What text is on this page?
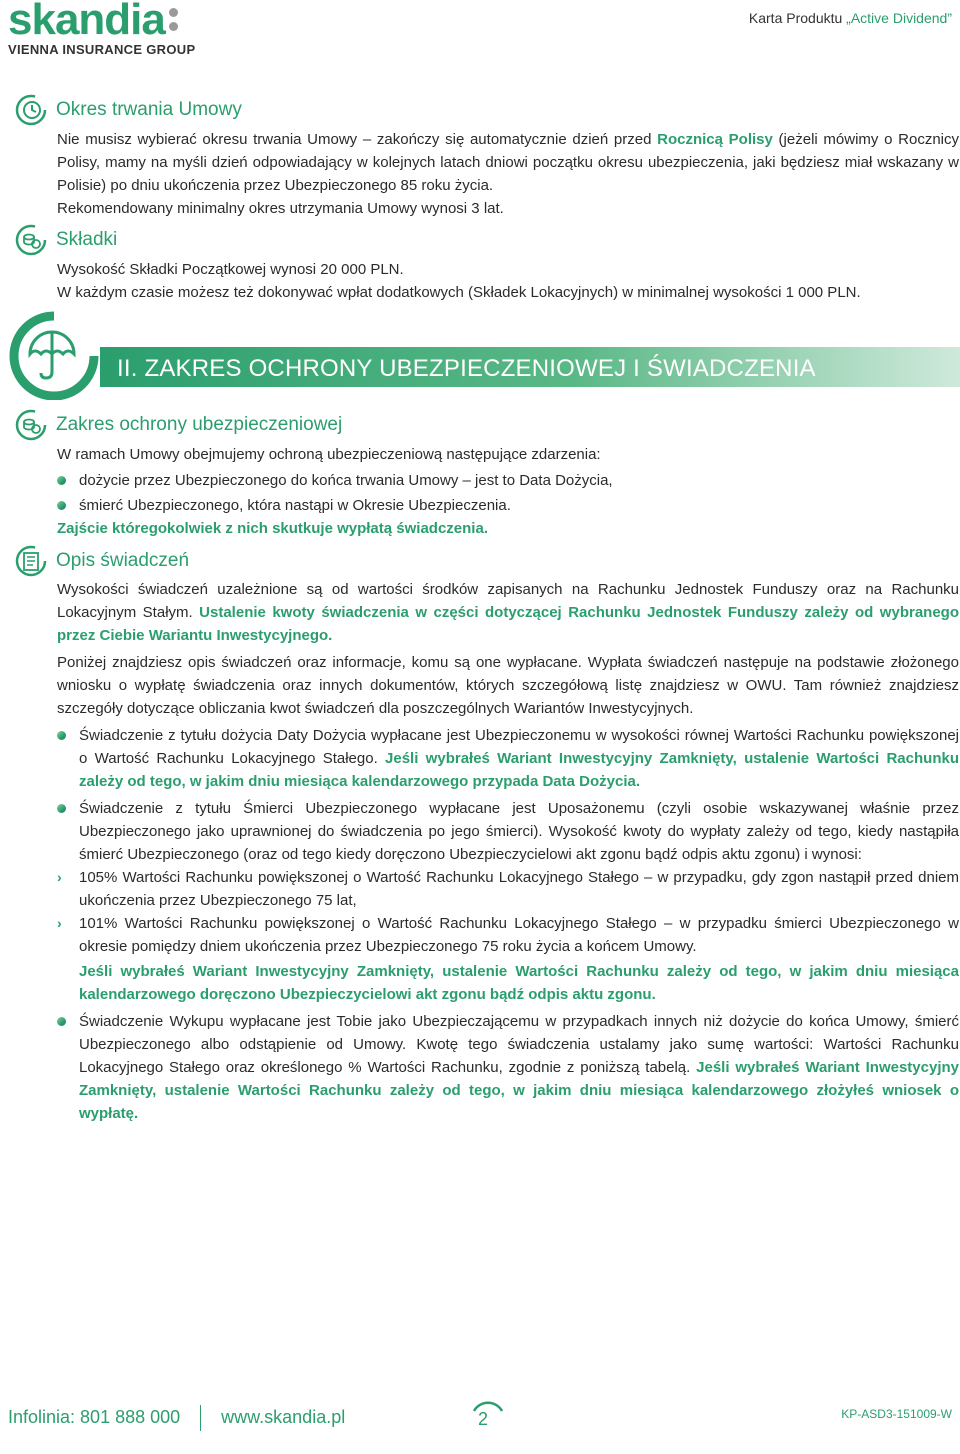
skandia
VIENNA INSURANCE GROUP
Karta Produktu „Active Dividend”
Okres trwania Umowy

Nie musisz wybierać okresu trwania Umowy – zakończy się automatycznie dzień przed Rocznicą Polisy (jeżeli mówimy o Rocznicy Polisy, mamy na myśli dzień odpowiadający w kolejnych latach dniowi początku okresu ubezpieczenia, jaki będziesz miał wskazany w Polisie) po dniu ukończenia przez Ubezpieczonego 85 roku życia.

Rekomendowany minimalny okres utrzymania Umowy wynosi 3 lat.

Składki

Wysokość Składki Początkowej wynosi 20 000 PLN.

W każdym czasie możesz też dokonywać wpłat dodatkowych (Składek Lokacyjnych) w minimalnej wysokości 1 000 PLN.

II. ZAKRES OCHRONY UBEZPIECZENIOWEJ I ŚWIADCZENIA
Zakres ochrony ubezpieczeniowej

W ramach Umowy obejmujemy ochroną ubezpieczeniową następujące zdarzenia:

dożycie przez Ubezpieczonego do końca trwania Umowy – jest to Data Dożycia,
śmierć Ubezpieczonego, która nastąpi w Okresie Ubezpieczenia.

Zajście któregokolwiek z nich skutkuje wypłatą świadczenia.

Opis świadczeń

Wysokości świadczeń uzależnione są od wartości środków zapisanych na Rachunku Jednostek Funduszy oraz na Rachunku Lokacyjnym Stałym. Ustalenie kwoty świadczenia w części dotyczącej Rachunku Jednostek Funduszy zależy od wybranego przez Ciebie Wariantu Inwestycyjnego.

Poniżej znajdziesz opis świadczeń oraz informacje, komu są one wypłacane. Wypłata świadczeń następuje na podstawie złożonego wniosku o wypłatę świadczenia oraz innych dokumentów, których szczegółową listę znajdziesz w OWU. Tam również znajdziesz szczegóły dotyczące obliczania kwot świadczeń dla poszczególnych Wariantów Inwestycyjnych.

Świadczenie z tytułu dożycia Daty Dożycia wypłacane jest Ubezpieczonemu w wysokości równej Wartości Rachunku powiększonej o Wartość Rachunku Lokacyjnego Stałego. Jeśli wybrałeś Wariant Inwestycyjny Zamknięty, ustalenie Wartości Rachunku zależy od tego, w jakim dniu miesiąca kalendarzowego przypada Data Dożycia.
Świadczenie z tytułu Śmierci Ubezpieczonego wypłacane jest Uposażonemu (czyli osobie wskazywanej właśnie przez Ubezpieczonego jako uprawnionej do świadczenia po jego śmierci). Wysokość kwoty do wypłaty zależy od tego, kiedy nastąpiła śmierć Ubezpieczonego (oraz od tego kiedy doręczono Ubezpieczycielowi akt zgonu bądź odpis aktu zgonu) i wynosi:
› 105% Wartości Rachunku powiększonej o Wartość Rachunku Lokacyjnego Stałego – w przypadku, gdy zgon nastąpił przed dniem ukończenia przez Ubezpieczonego 75 lat,
› 101% Wartości Rachunku powiększonej o Wartość Rachunku Lokacyjnego Stałego – w przypadku śmierci Ubezpieczonego w okresie pomiędzy dniem ukończenia przez Ubezpieczonego 75 roku życia a końcem Umowy.

Jeśli wybrałeś Wariant Inwestycyjny Zamknięty, ustalenie Wartości Rachunku zależy od tego, w jakim dniu miesiąca kalendarzowego doręczono Ubezpieczycielowi akt zgonu bądź odpis aktu zgonu.

Świadczenie Wykupu wypłacane jest Tobie jako Ubezpieczającemu w przypadkach innych niż dożycie do końca Umowy, śmierć Ubezpieczonego albo odstąpienie od Umowy. Kwotę tego świadczenia ustalamy jako sumę wartości: Wartości Rachunku Lokacyjnego Stałego oraz określonego % Wartości Rachunku, zgodnie z poniższą tabelą. Jeśli wybrałeś Wariant Inwestycyjny Zamknięty, ustalenie Wartości Rachunku zależy od tego, w jakim dniu miesiąca kalendarzowego złożyłeś wniosek o wypłatę.
Infolinia: 801 888 000 www.skandia.pl	2	KP-ASD3-151009-W
